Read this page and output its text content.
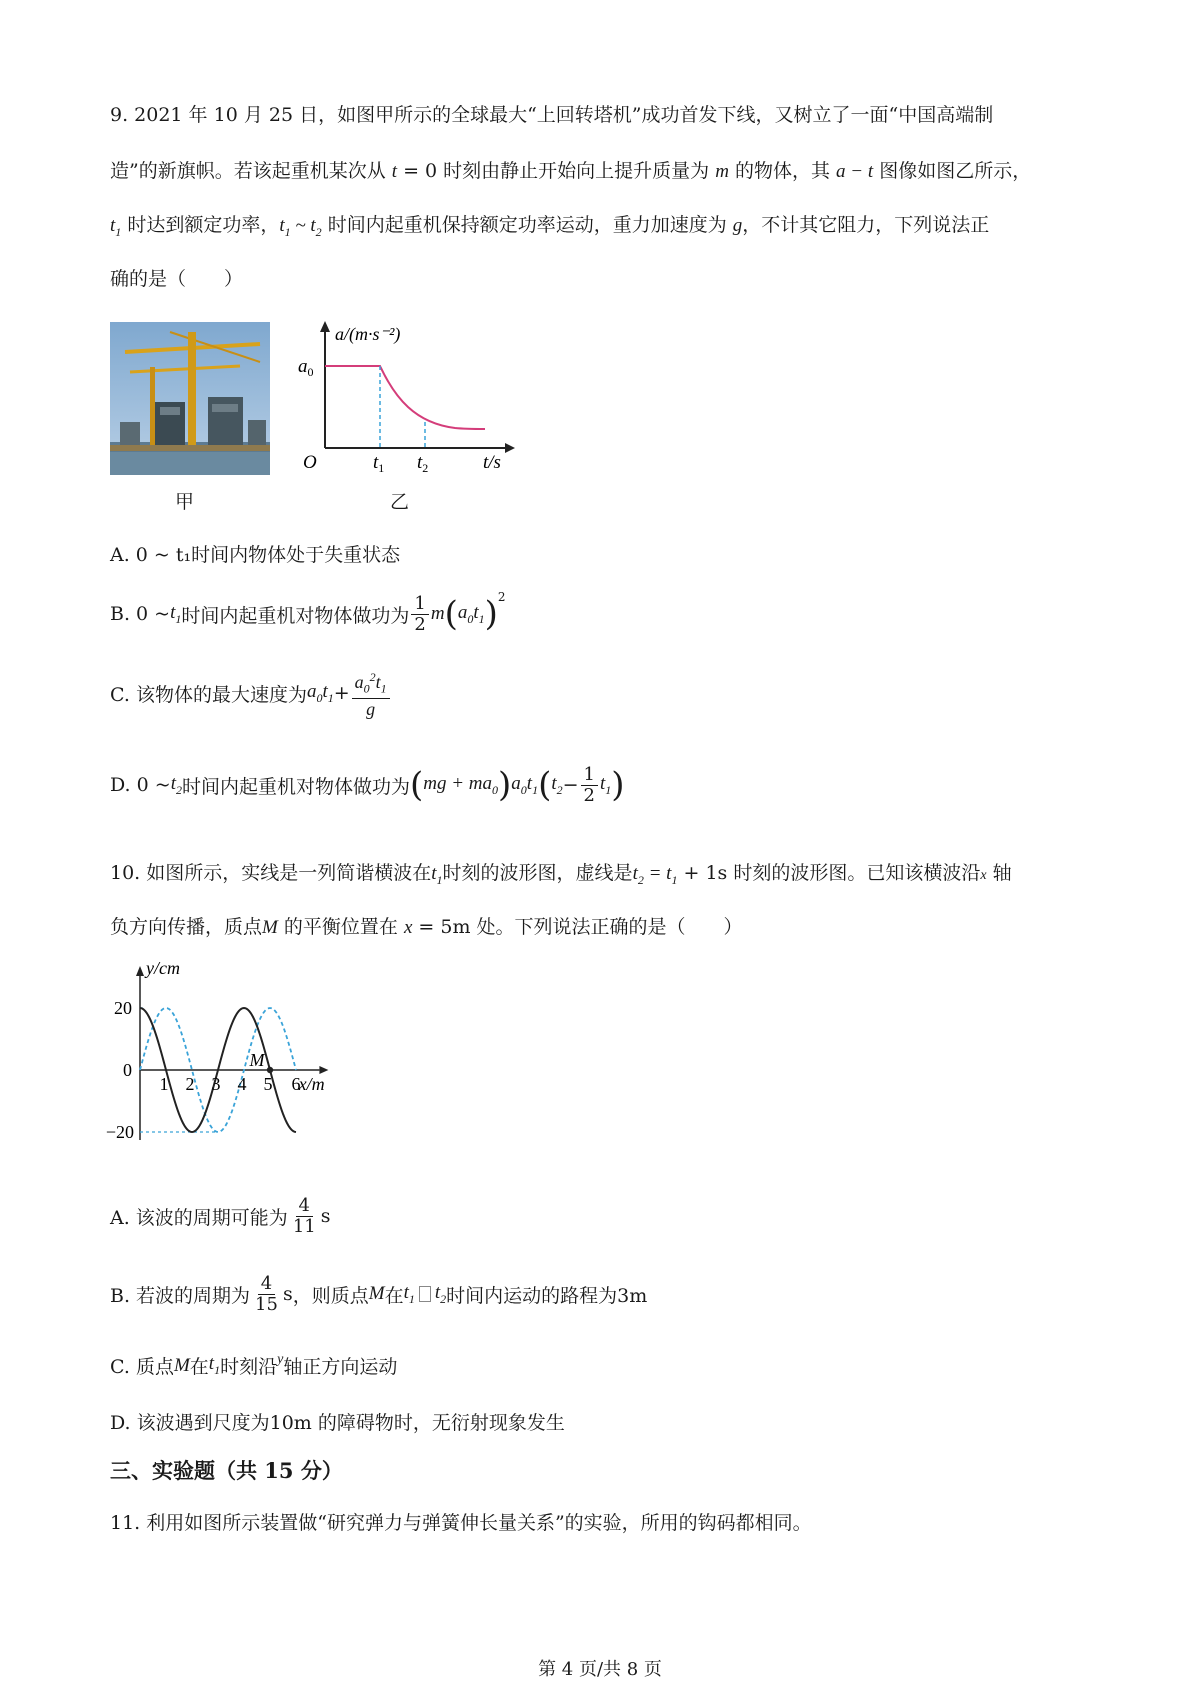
9. 2021 年 10 月 25 日，如图甲所示的全球最大“上回转塔机”成功首发下线，又树立了一面“中国高端制
造”的新旗帜。若该起重机某次从 t = 0 时刻由静止开始向上提升质量为 m 的物体，其 a − t 图像如图乙所示，
$t_1$ 时达到额定功率，$t_1$ ~ $t_2$ 时间内起重机保持额定功率运动，重力加速度为 g，不计其它阻力，下列说法正
确的是（　　）
甲
a/(m·s⁻²)
$a_0$
O	$t_1$ $t_2$	t/s
乙
A. 0 ~ t₁时间内物体处于失重状态
B. 0 ~ $t_1$ 时间内起重机对物体做功为 $\frac{1}{2}$ m ( $a_0t_1$ )$^2$
C. 该物体的最大速度为 $a_0t_1 + \frac{a_0^2t_1}{g}$
D. 0 ~ $t_2$ 时间内起重机对物体做功为 ( mg + $ma_0$ ) $a_0t_1$ ( $t_2 - \frac{1}{2} t_1$ )
10. 如图所示，实线是一列简谐横波在$t_1$时刻的波形图，虚线是$t_2 = t_1 + 1s$ 时刻的波形图。已知该横波沿x 轴
负方向传播，质点M 的平衡位置在 x = 5m 处。下列说法正确的是（　　）
y/cm
20
0
−20
1 2 3 4 5 6
x/m
M
A. 该波的周期可能为 $\frac{4}{11}$ s
B. 若波的周期为 $\frac{4}{15}$ s ，则质点 M 在 $t_1$ $t_2$ 时间内运动的路程为3m
C. 质点 M 在 $t_1$ 时刻沿 y 轴正方向运动
D. 该波遇到尺度为10m 的障碍物时，无衍射现象发生
三、实验题（共 15 分）
11. 利用如图所示装置做“研究弹力与弹簧伸长量关系”的实验，所用的钩码都相同。
第 4 页/共 8 页
